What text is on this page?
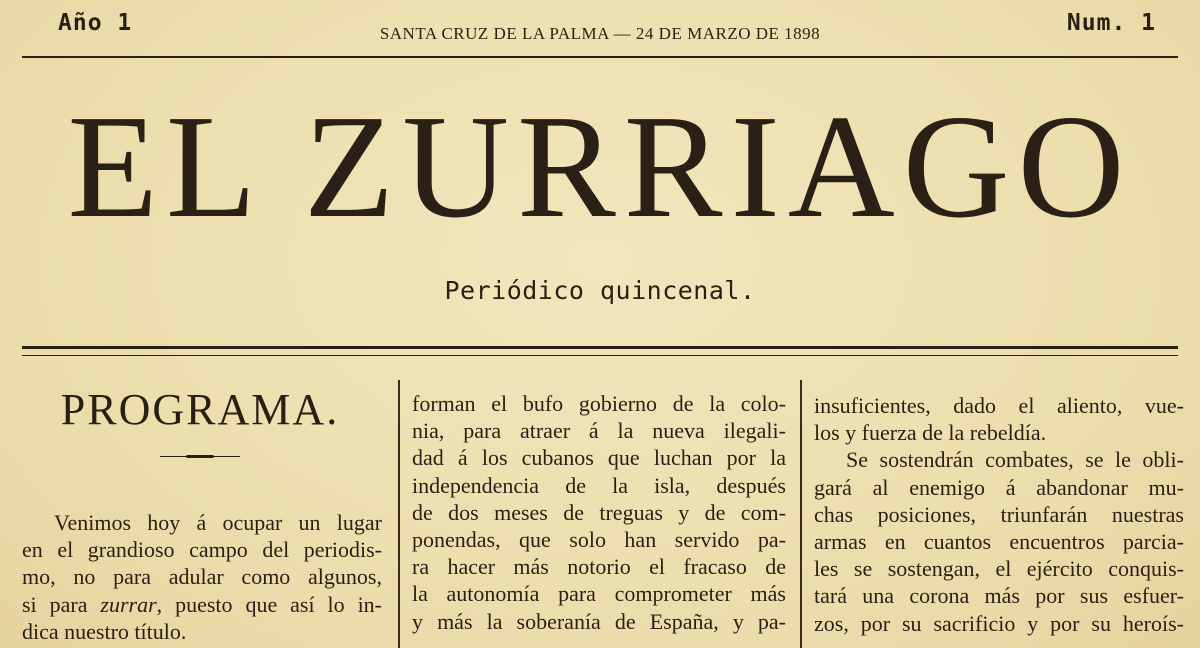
Año 1	SANTA CRUZ DE LA PALMA — 24 DE MARZO DE 1898	Num. 1
EL ZURRIAGO
Periódico quincenal.
PROGRAMA.
Venimos hoy á ocupar un lugar
en el grandioso campo del periodis-
mo, no para adular como algunos,
si para zurrar, puesto que así lo in-
dica nuestro título.
forman el bufo gobierno de la colo-
nia, para atraer á la nueva ilegali-
dad á los cubanos que luchan por la
independencia de la isla, después
de dos meses de treguas y de com-
ponendas, que solo han servido pa-
ra hacer más notorio el fracaso de
la autonomía para comprometer más
y más la soberanía de España, y pa-
insuficientes, dado el aliento, vue-
los y fuerza de la rebeldía.
Se sostendrán combates, se le obli-
gará al enemigo á abandonar mu-
chas posiciones, triunfarán nuestras
armas en cuantos encuentros parcia-
les se sostengan, el ejército conquis-
tará una corona más por sus esfuer-
zos, por su sacrificio y por su heroís-
